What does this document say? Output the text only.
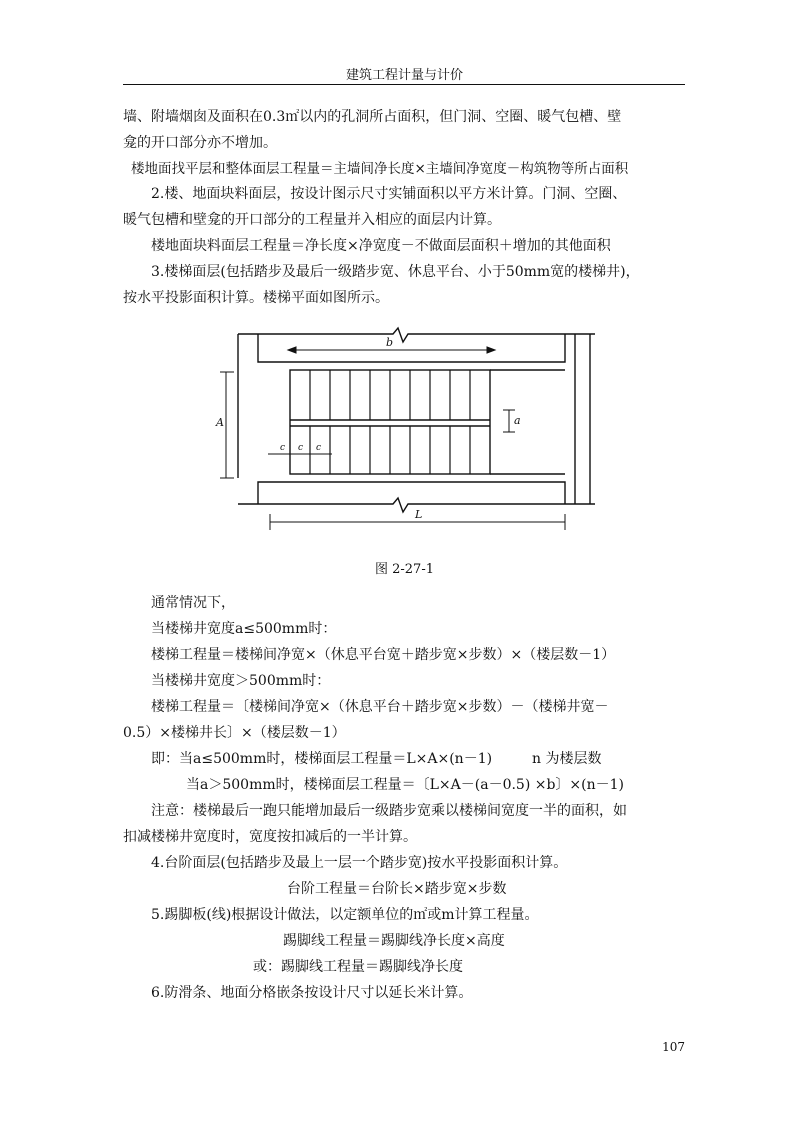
建筑工程计量与计价
墙、附墙烟囱及面积在0.3㎡以内的孔洞所占面积，但门洞、空圈、暖气包槽、壁
龛的开口部分亦不增加。
楼地面找平层和整体面层工程量＝主墙间净长度×主墙间净宽度－构筑物等所占面积
2.楼、地面块料面层，按设计图示尺寸实铺面积以平方米计算。门洞、空圈、
暖气包槽和壁龛的开口部分的工程量并入相应的面层内计算。
楼地面块料面层工程量＝净长度×净宽度－不做面层面积＋增加的其他面积
3.楼梯面层(包括踏步及最后一级踏步宽、休息平台、小于50mm宽的楼梯井)，
按水平投影面积计算。楼梯平面如图所示。
b
A
L
a
c c c
图 2-27-1
通常情况下，
当楼梯井宽度a≤500mm时：
楼梯工程量＝楼梯间净宽×（休息平台宽＋踏步宽×步数）×（楼层数－1）
当楼梯井宽度＞500mm时：
楼梯工程量＝〔楼梯间净宽×（休息平台＋踏步宽×步数）－（楼梯井宽－
0.5）×楼梯井长〕×（楼层数－1）
即：当a≤500mm时，楼梯面层工程量＝L×A×(n－1)	n 为楼层数
当a＞500mm时，楼梯面层工程量＝〔L×A－(a－0.5) ×b〕×(n－1)
注意：楼梯最后一跑只能增加最后一级踏步宽乘以楼梯间宽度一半的面积，如
扣减楼梯井宽度时，宽度按扣减后的一半计算。
4.台阶面层(包括踏步及最上一层一个踏步宽)按水平投影面积计算。
台阶工程量＝台阶长×踏步宽×步数
5.踢脚板(线)根据设计做法，以定额单位的㎡或m计算工程量。
踢脚线工程量＝踢脚线净长度×高度
或：踢脚线工程量＝踢脚线净长度
6.防滑条、地面分格嵌条按设计尺寸以延长米计算。
107
